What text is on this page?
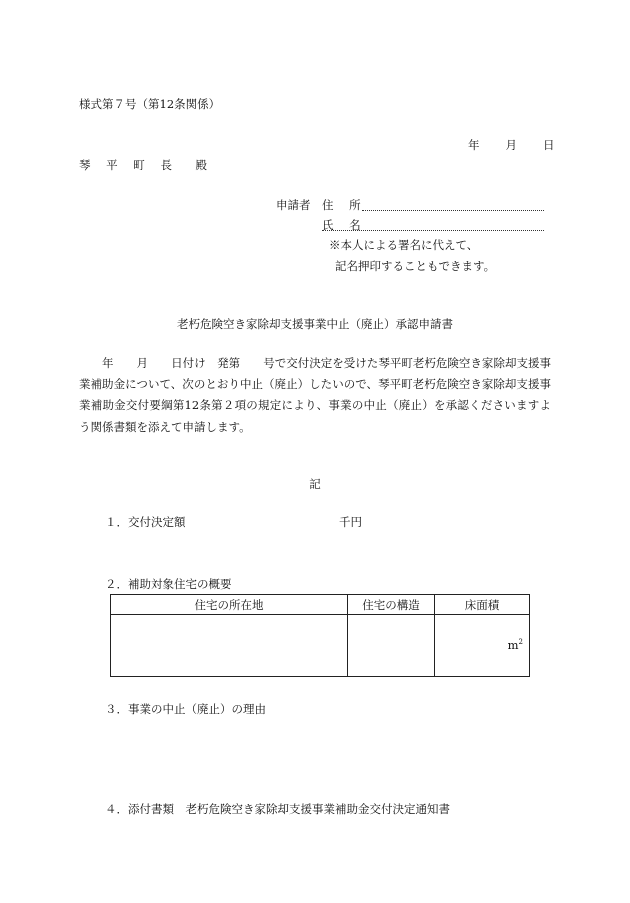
様式第７号（第12条関係）
年 月 日
琴 平 町 長　殿
申請者 住 所
氏 名
※本人による署名に代えて、
記名押印することもできます。
老朽危険空き家除却支援事業中止（廃止）承認申請書
　　年　　月　　日付け　発第　　号で交付決定を受けた琴平町老朽危険空き家除却支援事業補助金について、次のとおり中止（廃止）したいので、琴平町老朽危険空き家除却支援事業補助金交付要綱第12条第２項の規定により、事業の中止（廃止）を承認くださいますよう関係書類を添えて申請します。
記
１．交付決定額	千円
２．補助対象住宅の概要
住宅の所在地	住宅の構造	床面積

		$m^2$
３．事業の中止（廃止）の理由
４．添付書類　老朽危険空き家除却支援事業補助金交付決定通知書
